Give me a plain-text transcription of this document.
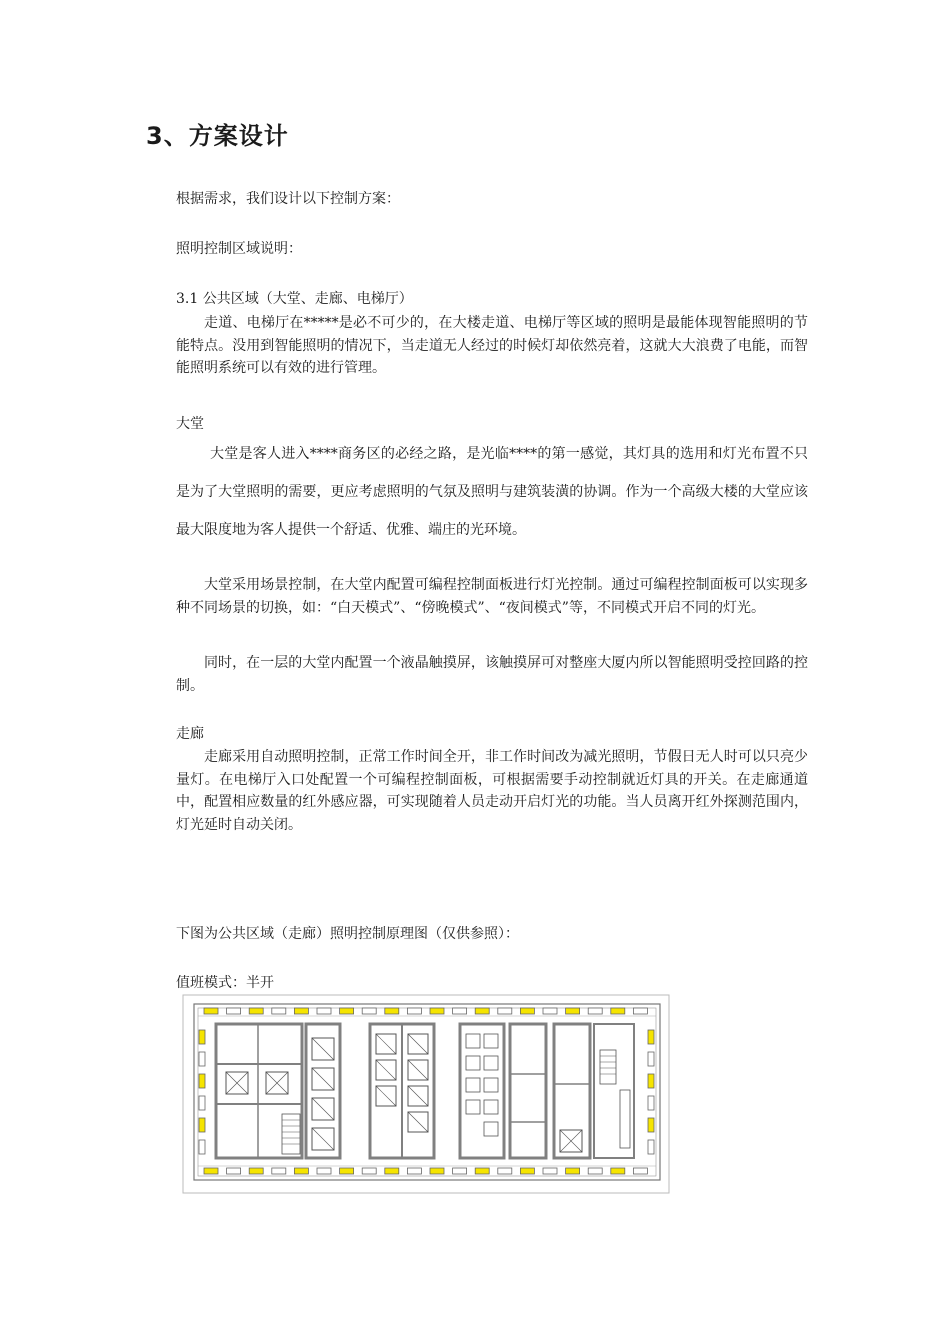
3、方案设计

根据需求，我们设计以下控制方案：

照明控制区域说明：

3.1 公共区域（大堂、走廊、电梯厅）

走道、电梯厅在*****是必不可少的，在大楼走道、电梯厅等区域的照明是最能体现智能照明的节能特点。没用到智能照明的情况下，当走道无人经过的时候灯却依然亮着，这就大大浪费了电能，而智能照明系统可以有效的进行管理。

大堂

大堂是客人进入****商务区的必经之路，是光临****的第一感觉，其灯具的选用和灯光布置不只是为了大堂照明的需要，更应考虑照明的气氛及照明与建筑装潢的协调。作为一个高级大楼的大堂应该最大限度地为客人提供一个舒适、优雅、端庄的光环境。

大堂采用场景控制，在大堂内配置可编程控制面板进行灯光控制。通过可编程控制面板可以实现多种不同场景的切换，如：“白天模式”、“傍晚模式”、“夜间模式”等，不同模式开启不同的灯光。

同时，在一层的大堂内配置一个液晶触摸屏，该触摸屏可对整座大厦内所以智能照明受控回路的控制。

走廊

走廊采用自动照明控制，正常工作时间全开，非工作时间改为减光照明，节假日无人时可以只亮少量灯。在电梯厅入口处配置一个可编程控制面板，可根据需要手动控制就近灯具的开关。在走廊通道中，配置相应数量的红外感应器，可实现随着人员走动开启灯光的功能。当人员离开红外探测范围内，灯光延时自动关闭。

下图为公共区域（走廊）照明控制原理图（仅供参照）：

值班模式：半开
